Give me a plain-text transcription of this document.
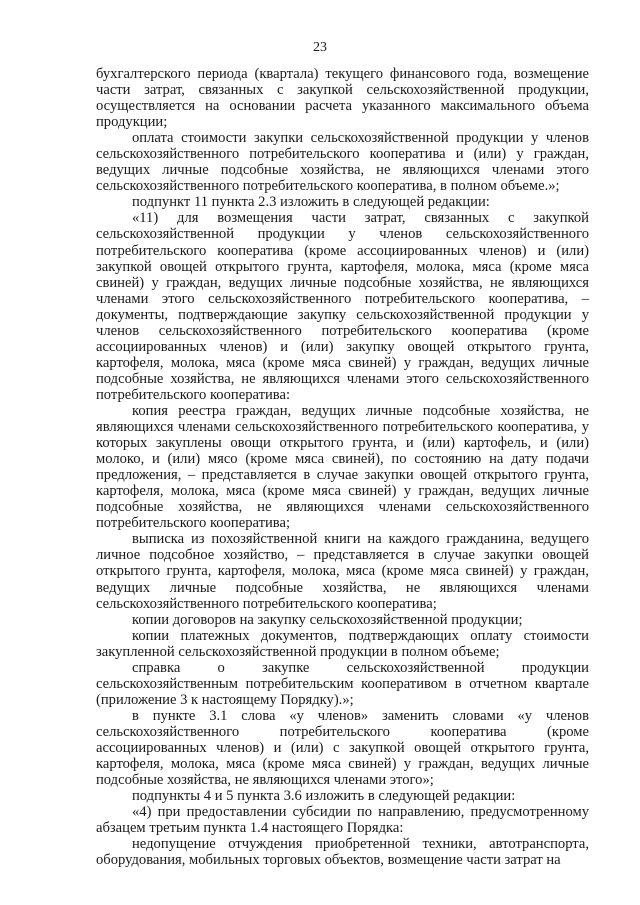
23

бухгалтерского периода (квартала) текущего финансового года, возмещение части затрат, связанных с закупкой сельскохозяйственной продукции, осуществляется на основании расчета указанного максимального объема продукции;

оплата стоимости закупки сельскохозяйственной продукции у членов сельскохозяйственного потребительского кооператива и (или) у граждан, ведущих личные подсобные хозяйства, не являющихся членами этого сельскохозяйственного потребительского кооператива, в полном объеме.»;

подпункт 11 пункта 2.3 изложить в следующей редакции:

«11) для возмещения части затрат, связанных с закупкой сельскохозяйственной продукции у членов сельскохозяйственного потребительского кооператива (кроме ассоциированных членов) и (или) закупкой овощей открытого грунта, картофеля, молока, мяса (кроме мяса свиней) у граждан, ведущих личные подсобные хозяйства, не являющихся членами этого сельскохозяйственного потребительского кооператива, – документы, подтверждающие закупку сельскохозяйственной продукции у членов сельскохозяйственного потребительского кооператива (кроме ассоциированных членов) и (или) закупку овощей открытого грунта, картофеля, молока, мяса (кроме мяса свиней) у граждан, ведущих личные подсобные хозяйства, не являющихся членами этого сельскохозяйственного потребительского кооператива:

копия реестра граждан, ведущих личные подсобные хозяйства, не являющихся членами сельскохозяйственного потребительского кооператива, у которых закуплены овощи открытого грунта, и (или) картофель, и (или) молоко, и (или) мясо (кроме мяса свиней), по состоянию на дату подачи предложения, – представляется в случае закупки овощей открытого грунта, картофеля, молока, мяса (кроме мяса свиней) у граждан, ведущих личные подсобные хозяйства, не являющихся членами сельскохозяйственного потребительского кооператива;

выписка из похозяйственной книги на каждого гражданина, ведущего личное подсобное хозяйство, – представляется в случае закупки овощей открытого грунта, картофеля, молока, мяса (кроме мяса свиней) у граждан, ведущих личные подсобные хозяйства, не являющихся членами сельскохозяйственного потребительского кооператива;

копии договоров на закупку сельскохозяйственной продукции;

копии платежных документов, подтверждающих оплату стоимости закупленной сельскохозяйственной продукции в полном объеме;

справка о закупке сельскохозяйственной продукции сельскохозяйственным потребительским кооперативом в отчетном квартале (приложение 3 к настоящему Порядку).»;

в пункте 3.1 слова «у членов» заменить словами «у членов сельскохозяйственного потребительского кооператива (кроме ассоциированных членов) и (или) с закупкой овощей открытого грунта, картофеля, молока, мяса (кроме мяса свиней) у граждан, ведущих личные подсобные хозяйства, не являющихся членами этого»;

подпункты 4 и 5 пункта 3.6 изложить в следующей редакции:

«4) при предоставлении субсидии по направлению, предусмотренному абзацем третьим пункта 1.4 настоящего Порядка:

недопущение отчуждения приобретенной техники, автотранспорта, оборудования, мобильных торговых объектов, возмещение части затрат на
